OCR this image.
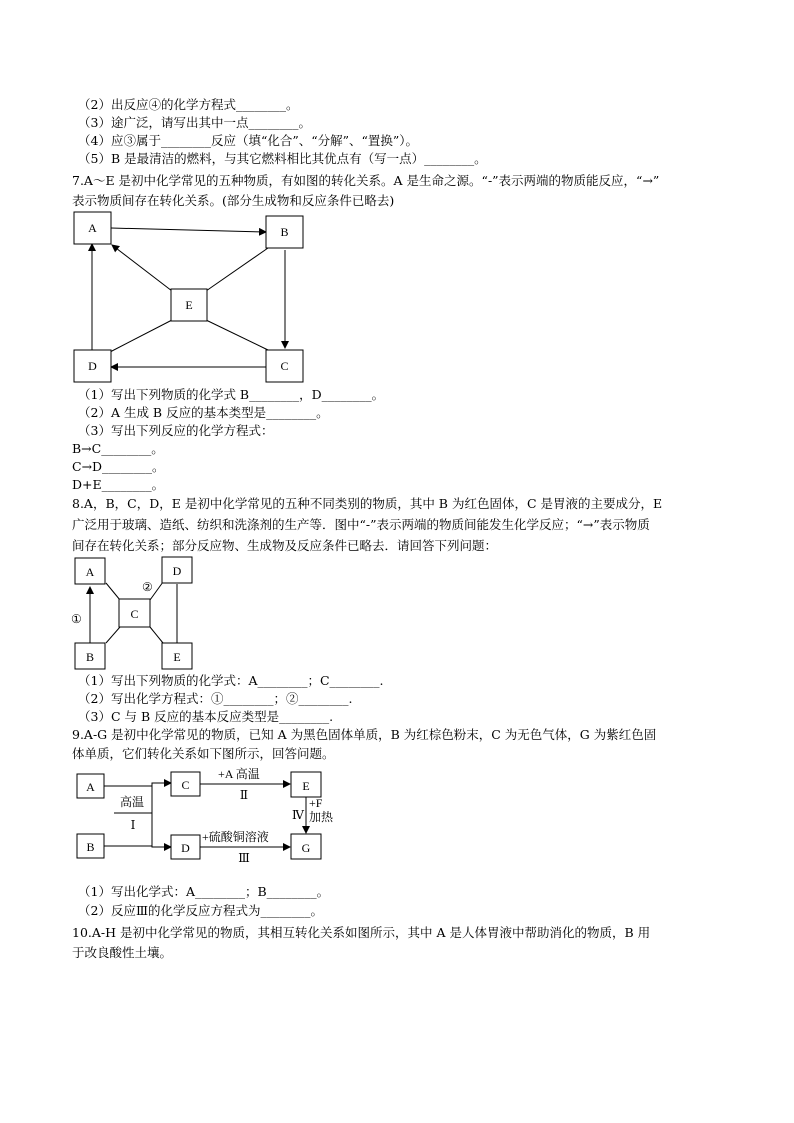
（2）出反应④的化学方程式________。
（3）途广泛，请写出其中一点________。
（4）应③属于________反应（填“化合”、“分解”、“置换”）。
（5）B 是最清洁的燃料，与其它燃料相比其优点有（写一点）________。
7.A～E 是初中化学常见的五种物质，有如图的转化关系。A 是生命之源。“-”表示两端的物质能反应，“→”
表示物质间存在转化关系。(部分生成物和反应条件已略去)
A	B
C
D
E
A
B
C
D
E
①
②
A
B
C
D
E
G
高温
Ⅰ
+A 高温
Ⅱ
+硫酸铜溶液
Ⅲ
Ⅳ
+F
加热
（1）写出下列物质的化学式 B________，D________。
（2）A 生成 B 反应的基本类型是________。
（3）写出下列反应的化学方程式：
B→C________。
C→D________。
D+E________。
8.A，B，C，D，E 是初中化学常见的五种不同类别的物质，其中 B 为红色固体，C 是胃液的主要成分，E
广泛用于玻璃、造纸、纺织和洗涤剂的生产等．图中“-”表示两端的物质间能发生化学反应；“→”表示物质
间存在转化关系；部分反应物、生成物及反应条件已略去．请回答下列问题：
（1）写出下列物质的化学式：A________；C________.
（2）写出化学方程式：①________；②________.
（3）C 与 B 反应的基本反应类型是________.
9.A-G 是初中化学常见的物质，已知 A 为黑色固体单质，B 为红棕色粉末，C 为无色气体，G 为紫红色固
体单质，它们转化关系如下图所示，回答问题。
（1）写出化学式：A________；B________。
（2）反应Ⅲ的化学反应方程式为________。
10.A-H 是初中化学常见的物质，其相互转化关系如图所示，其中 A 是人体胃液中帮助消化的物质，B 用
于改良酸性土壤。
